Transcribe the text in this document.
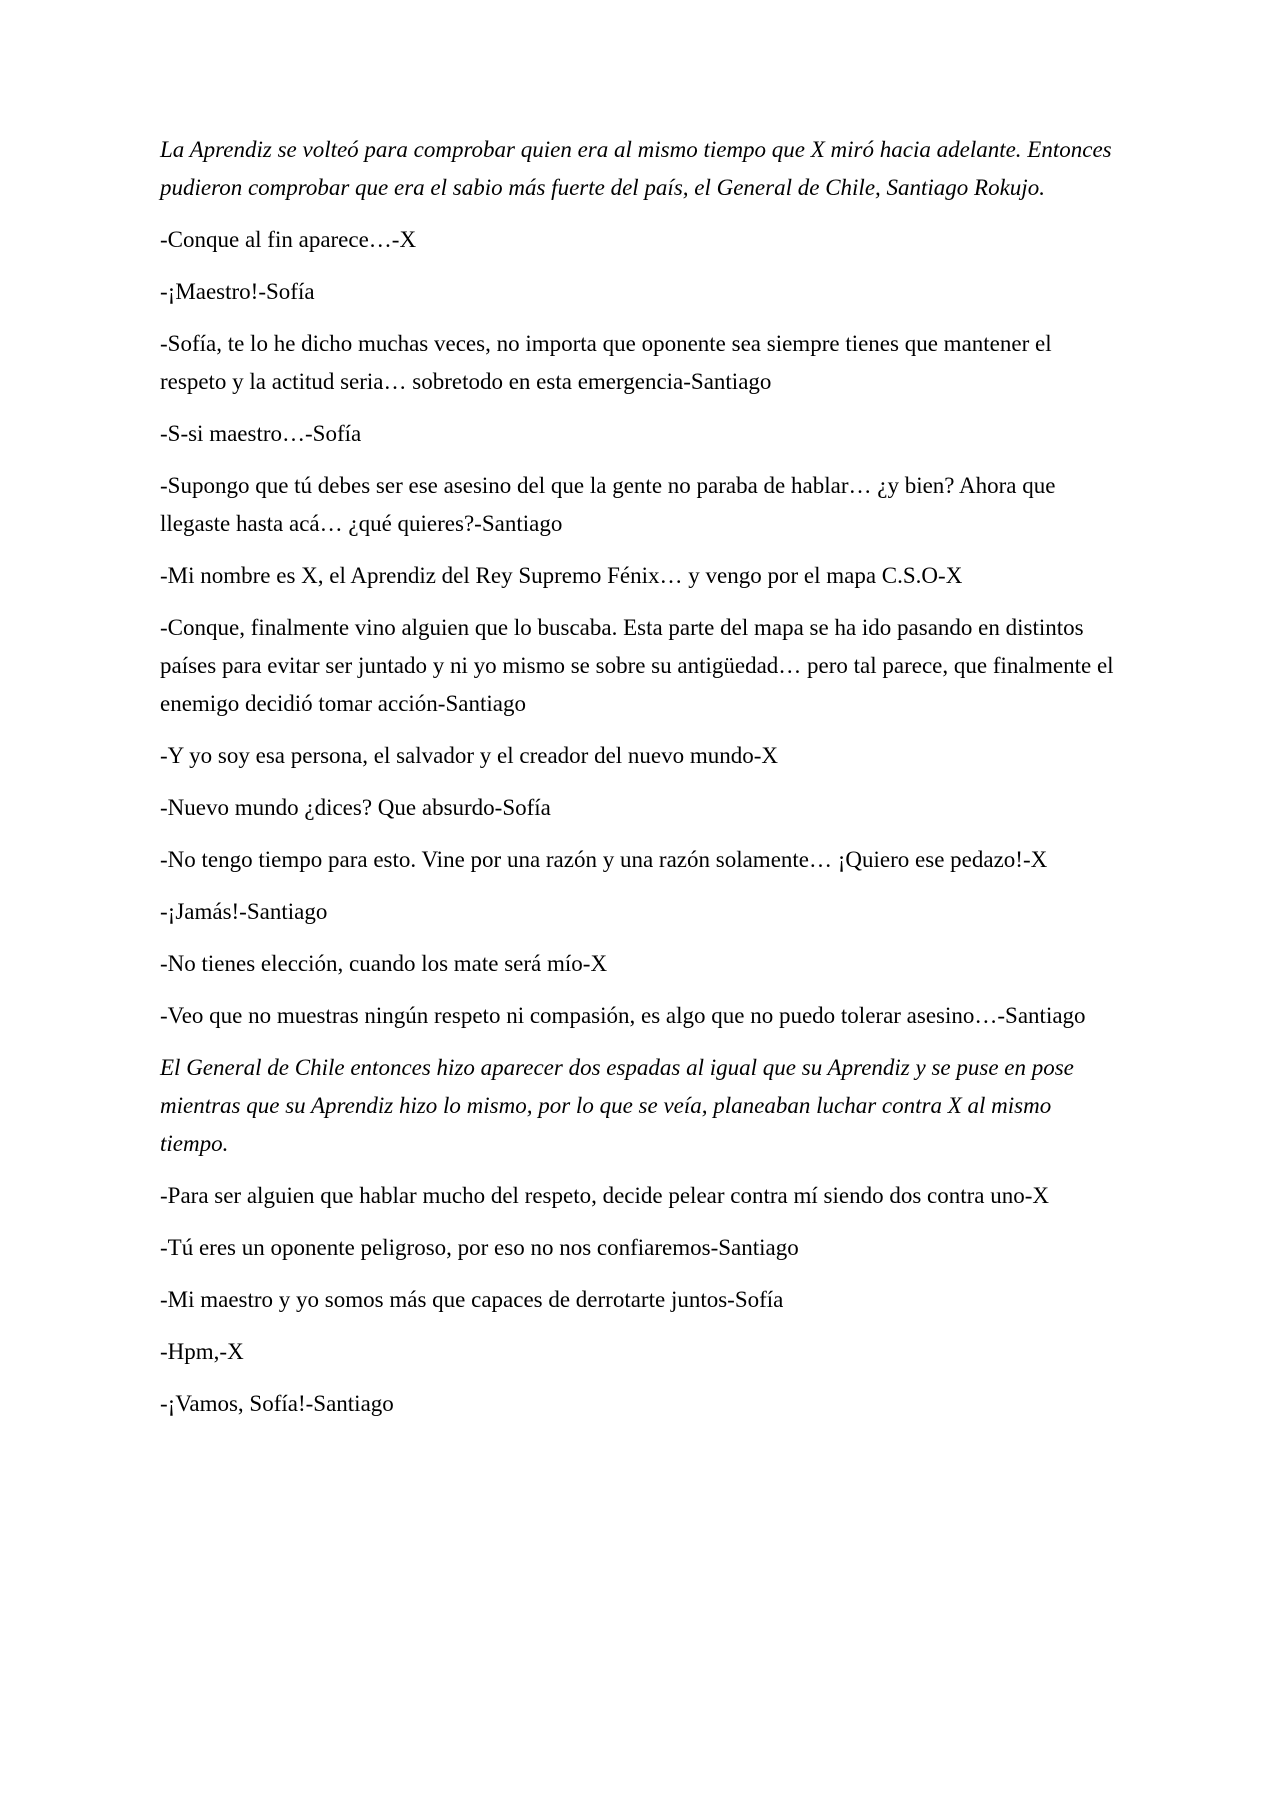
La Aprendiz se volteó para comprobar quien era al mismo tiempo que X miró hacia adelante. Entonces pudieron comprobar que era el sabio más fuerte del país, el General de Chile, Santiago Rokujo.

-Conque al fin aparece…-X

-¡Maestro!-Sofía

-Sofía, te lo he dicho muchas veces, no importa que oponente sea siempre tienes que mantener el respeto y la actitud seria… sobretodo en esta emergencia-Santiago

-S-si maestro…-Sofía

-Supongo que tú debes ser ese asesino del que la gente no paraba de hablar… ¿y bien? Ahora que llegaste hasta acá… ¿qué quieres?-Santiago

-Mi nombre es X, el Aprendiz del Rey Supremo Fénix… y vengo por el mapa C.S.O-X

-Conque, finalmente vino alguien que lo buscaba. Esta parte del mapa se ha ido pasando en distintos países para evitar ser juntado y ni yo mismo se sobre su antigüedad… pero tal parece, que finalmente el enemigo decidió tomar acción-Santiago

-Y yo soy esa persona, el salvador y el creador del nuevo mundo-X

-Nuevo mundo ¿dices? Que absurdo-Sofía

-No tengo tiempo para esto. Vine por una razón y una razón solamente… ¡Quiero ese pedazo!-X

-¡Jamás!-Santiago

-No tienes elección, cuando los mate será mío-X

-Veo que no muestras ningún respeto ni compasión, es algo que no puedo tolerar asesino…-Santiago

El General de Chile entonces hizo aparecer dos espadas al igual que su Aprendiz y se puse en pose mientras que su Aprendiz hizo lo mismo, por lo que se veía, planeaban luchar contra X al mismo tiempo.

-Para ser alguien que hablar mucho del respeto, decide pelear contra mí siendo dos contra uno-X

-Tú eres un oponente peligroso, por eso no nos confiaremos-Santiago

-Mi maestro y yo somos más que capaces de derrotarte juntos-Sofía

-Hpm,-X

-¡Vamos, Sofía!-Santiago
